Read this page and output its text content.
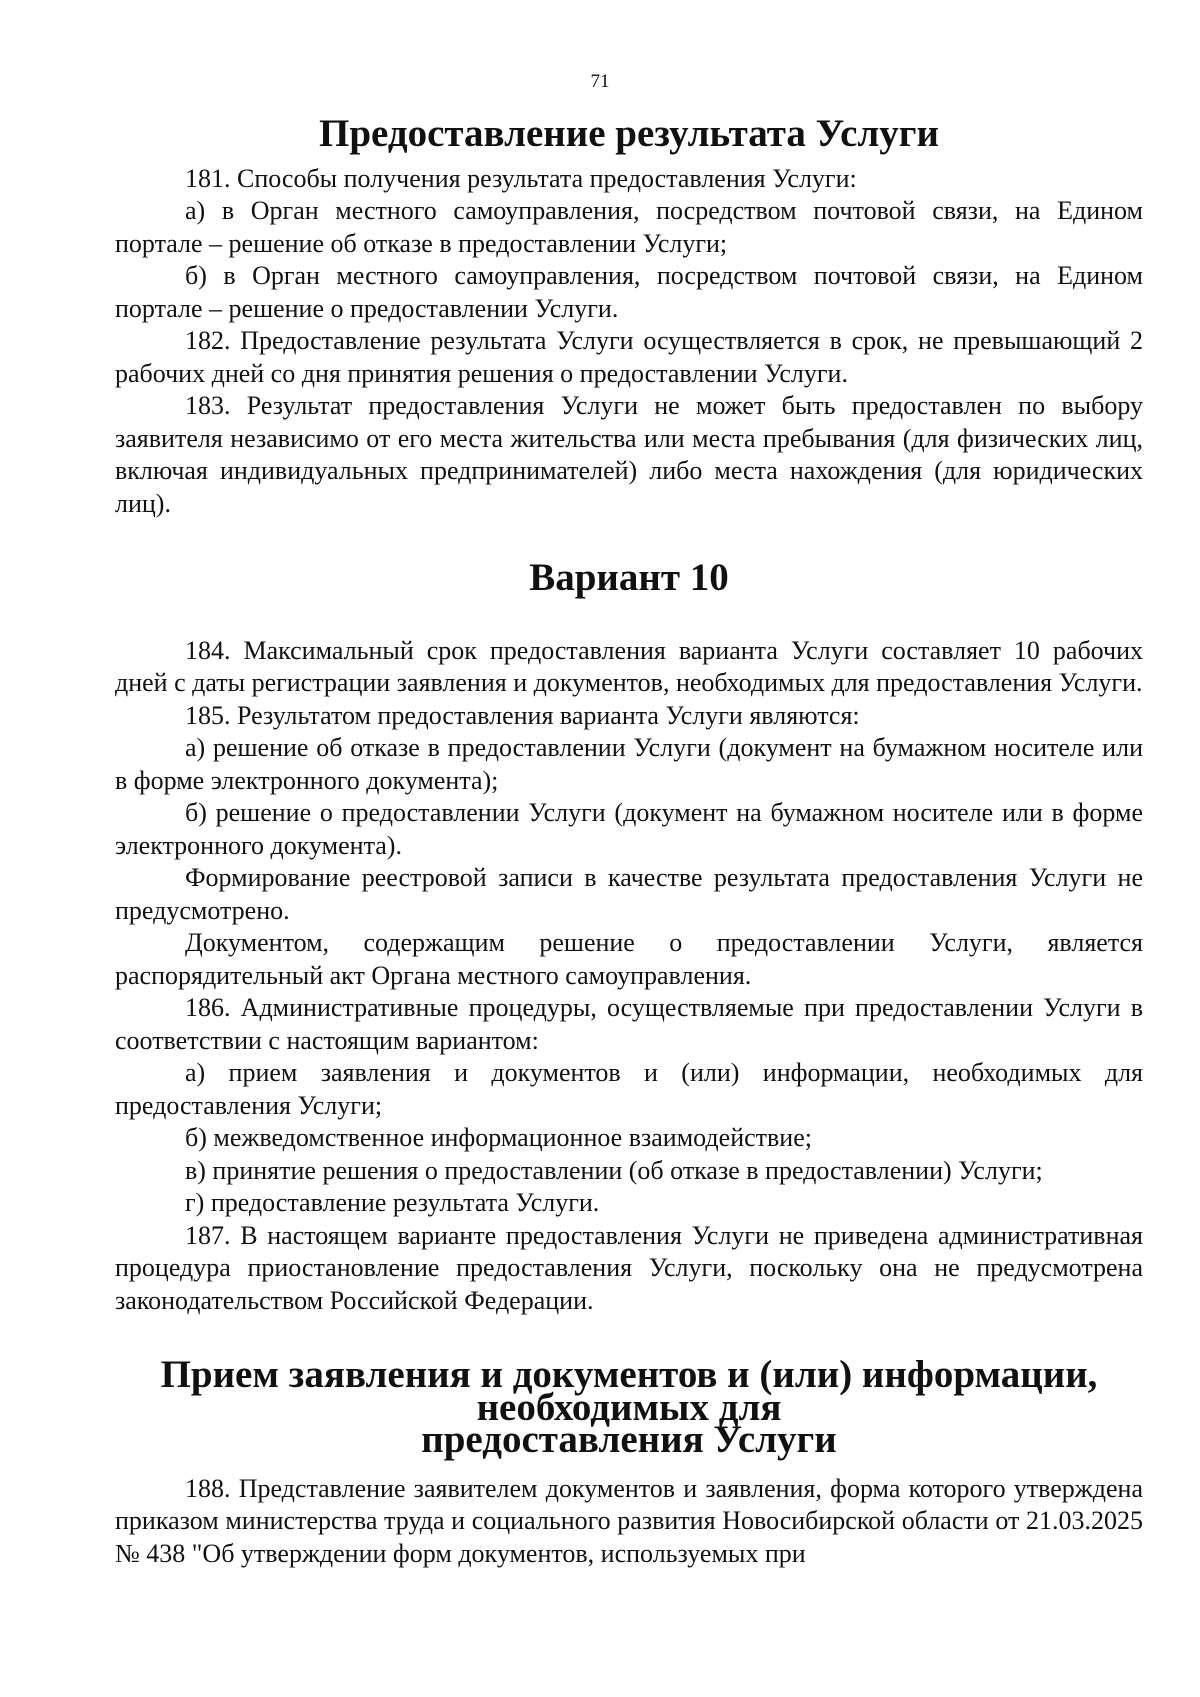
71
Предоставление результата Услуги

181. Способы получения результата предоставления Услуги:

а) в Орган местного самоуправления, посредством почтовой связи, на Едином портале – решение об отказе в предоставлении Услуги;

б) в Орган местного самоуправления, посредством почтовой связи, на Едином портале – решение о предоставлении Услуги.

182. Предоставление результата Услуги осуществляется в срок, не превышающий 2 рабочих дней со дня принятия решения о предоставлении Услуги.

183. Результат предоставления Услуги не может быть предоставлен по выбору заявителя независимо от его места жительства или места пребывания (для физических лиц, включая индивидуальных предпринимателей) либо места нахождения (для юридических лиц).

Вариант 10

184. Максимальный срок предоставления варианта Услуги составляет 10 рабочих дней с даты регистрации заявления и документов, необходимых для предоставления Услуги.

185. Результатом предоставления варианта Услуги являются:

а) решение об отказе в предоставлении Услуги (документ на бумажном носителе или в форме электронного документа);

б) решение о предоставлении Услуги (документ на бумажном носителе или в форме электронного документа).

Формирование реестровой записи в качестве результата предоставления Услуги не предусмотрено.

Документом, содержащим решение о предоставлении Услуги, является распорядительный акт Органа местного самоуправления.

186. Административные процедуры, осуществляемые при предоставлении Услуги в соответствии с настоящим вариантом:

а) прием заявления и документов и (или) информации, необходимых для предоставления Услуги;

б) межведомственное информационное взаимодействие;

в) принятие решения о предоставлении (об отказе в предоставлении) Услуги;

г) предоставление результата Услуги.

187. В настоящем варианте предоставления Услуги не приведена административная процедура приостановление предоставления Услуги, поскольку она не предусмотрена законодательством Российской Федерации.

Прием заявления и документов и (или) информации, необходимых для
предоставления Услуги

188. Представление заявителем документов и заявления, форма которого утверждена приказом министерства труда и социального развития Новосибирской области от 21.03.2025 № 438 "Об утверждении форм документов, используемых при
